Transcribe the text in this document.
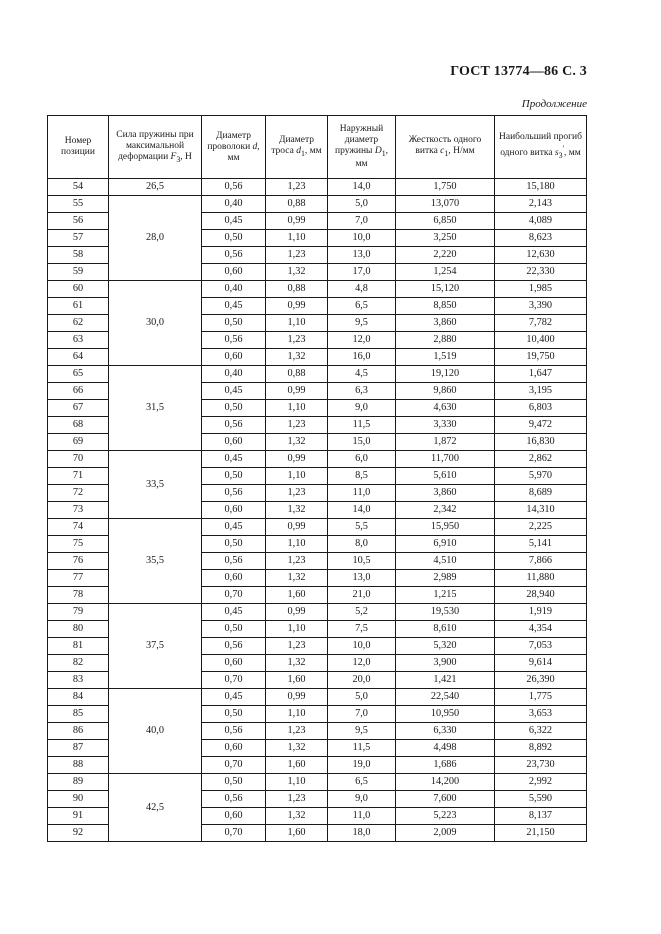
ГОСТ 13774—86 С. 3
Продолжение
Номер позиции	Сила пружины при максимальной деформации $F_3$, Н	Диаметр проволоки d, мм	Диаметр троса $d_1$, мм	Наружный диаметр пружины $D_1$, мм	Жесткость одного витка $c_1$, Н/мм	Наибольший прогиб одного витка $s_3'$, мм
54	26,5	0,56	1,23	14,0	1,750	15,180
55	28,0	0,40	0,88	5,0	13,070	2,143
56		0,45	0,99	7,0	6,850	4,089
57		0,50	1,10	10,0	3,250	8,623
58		0,56	1,23	13,0	2,220	12,630
59		0,60	1,32	17,0	1,254	22,330
60	30,0	0,40	0,88	4,8	15,120	1,985
61		0,45	0,99	6,5	8,850	3,390
62		0,50	1,10	9,5	3,860	7,782
63		0,56	1,23	12,0	2,880	10,400
64		0,60	1,32	16,0	1,519	19,750
65	31,5	0,40	0,88	4,5	19,120	1,647
66		0,45	0,99	6,3	9,860	3,195
67		0,50	1,10	9,0	4,630	6,803
68		0,56	1,23	11,5	3,330	9,472
69		0,60	1,32	15,0	1,872	16,830
70	33,5	0,45	0,99	6,0	11,700	2,862
71		0,50	1,10	8,5	5,610	5,970
72		0,56	1,23	11,0	3,860	8,689
73		0,60	1,32	14,0	2,342	14,310
74	35,5	0,45	0,99	5,5	15,950	2,225
75		0,50	1,10	8,0	6,910	5,141
76		0,56	1,23	10,5	4,510	7,866
77		0,60	1,32	13,0	2,989	11,880
78		0,70	1,60	21,0	1,215	28,940
79	37,5	0,45	0,99	5,2	19,530	1,919
80		0,50	1,10	7,5	8,610	4,354
81		0,56	1,23	10,0	5,320	7,053
82		0,60	1,32	12,0	3,900	9,614
83		0,70	1,60	20,0	1,421	26,390
84	40,0	0,45	0,99	5,0	22,540	1,775
85		0,50	1,10	7,0	10,950	3,653
86		0,56	1,23	9,5	6,330	6,322
87		0,60	1,32	11,5	4,498	8,892
88		0,70	1,60	19,0	1,686	23,730
89	42,5	0,50	1,10	6,5	14,200	2,992
90		0,56	1,23	9,0	7,600	5,590
91		0,60	1,32	11,0	5,223	8,137
92		0,70	1,60	18,0	2,009	21,150
